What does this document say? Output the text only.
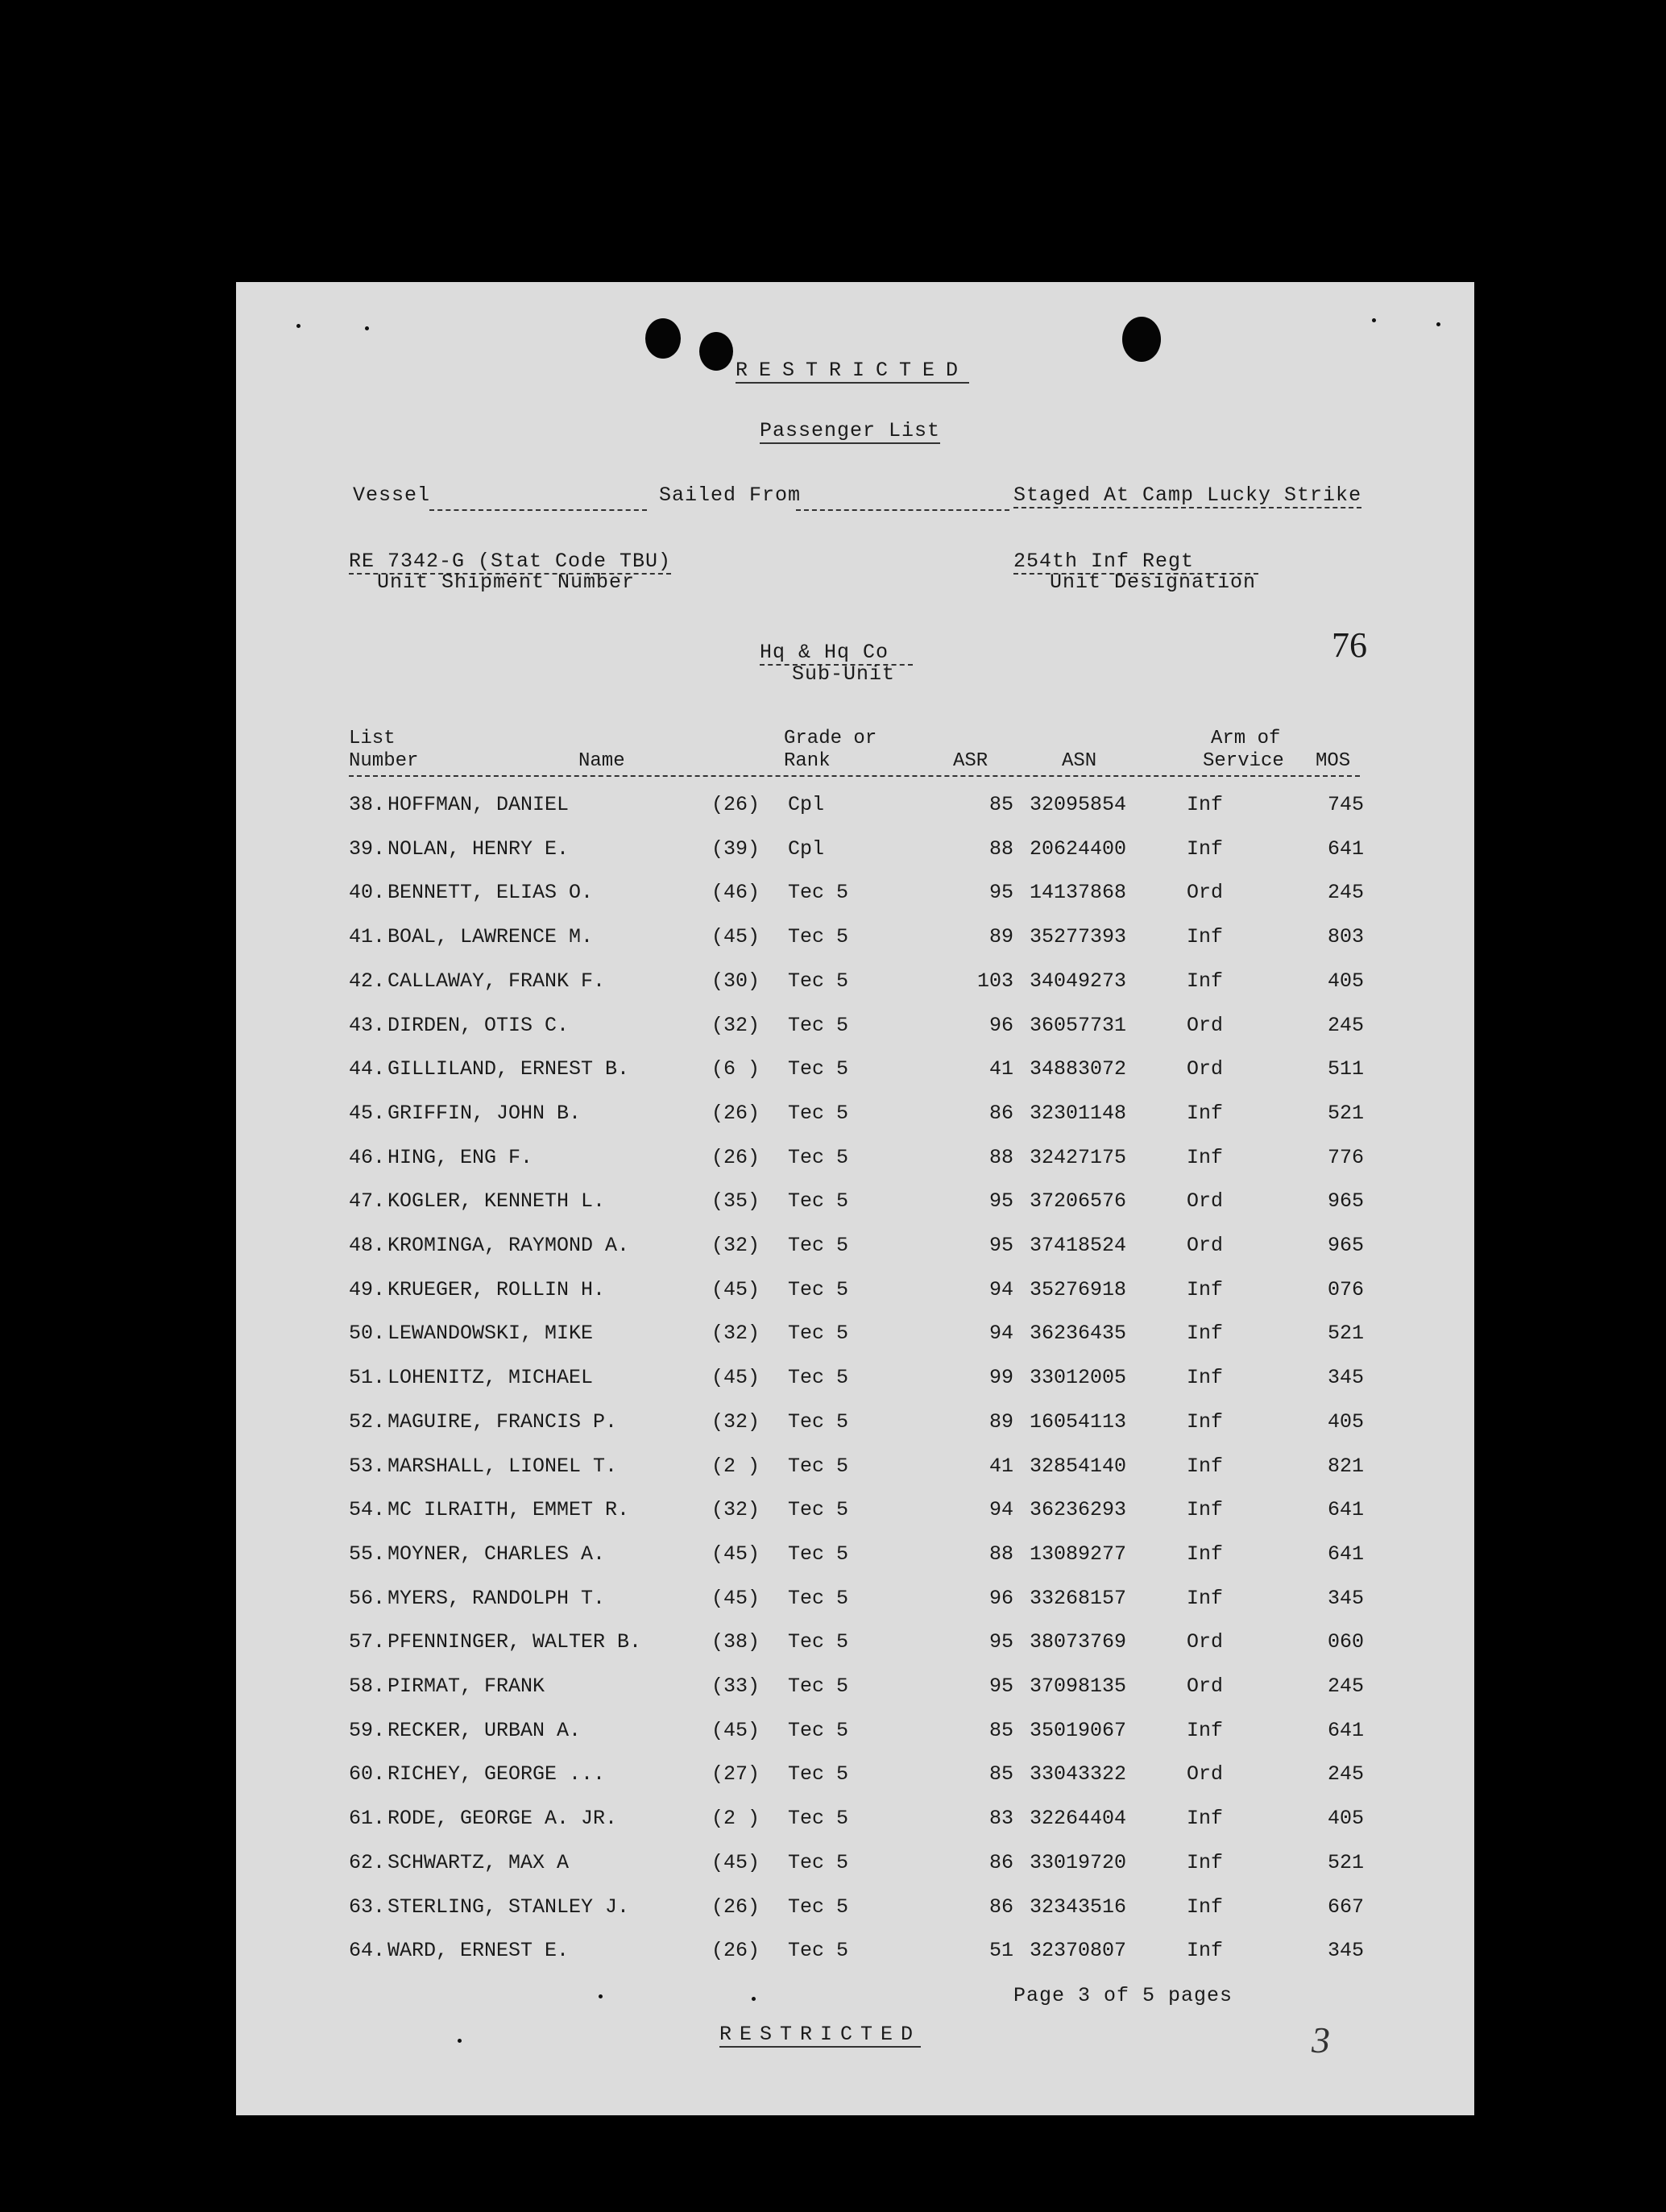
RESTRICTED
Passenger List
Vessel	Sailed From	Staged At Camp Lucky Strike
RE 7342-G (Stat Code TBU)
Unit Shipment Number
254th Inf Regt
Unit Designation
76
Hq & Hq Co
Sub-Unit
List
Number	Name
Grade or
Rank	ASR	ASN
Arm of
Service MOS
38. HOFFMAN, DANIEL	(26) Cpl	85 32095854	Inf	745
39. NOLAN, HENRY E.	(39) Cpl	88 20624400	Inf	641
40. BENNETT, ELIAS O.	(46) Tec 5	95 14137868	Ord	245
41. BOAL, LAWRENCE M.	(45) Tec 5	89 35277393	Inf	803
42. CALLAWAY, FRANK F.	(30) Tec 5	103 34049273	Inf	405
43. DIRDEN, OTIS C.	(32) Tec 5	96 36057731	Ord	245
44. GILLILAND, ERNEST B.	(6 ) Tec 5	41 34883072	Ord	511
45. GRIFFIN, JOHN B.	(26) Tec 5	86 32301148	Inf	521
46. HING, ENG F.	(26) Tec 5	88 32427175	Inf	776
47. KOGLER, KENNETH L.	(35) Tec 5	95 37206576	Ord	965
48. KROMINGA, RAYMOND A.	(32) Tec 5	95 37418524	Ord	965
49. KRUEGER, ROLLIN H.	(45) Tec 5	94 35276918	Inf	076
50. LEWANDOWSKI, MIKE	(32) Tec 5	94 36236435	Inf	521
51. LOHENITZ, MICHAEL	(45) Tec 5	99 33012005	Inf	345
52. MAGUIRE, FRANCIS P.	(32) Tec 5	89 16054113	Inf	405
53. MARSHALL, LIONEL T.	(2 ) Tec 5	41 32854140	Inf	821
54. MC ILRAITH, EMMET R.	(32) Tec 5	94 36236293	Inf	641
55. MOYNER, CHARLES A.	(45) Tec 5	88 13089277	Inf	641
56. MYERS, RANDOLPH T.	(45) Tec 5	96 33268157	Inf	345
57. PFENNINGER, WALTER B.	(38) Tec 5	95 38073769	Ord	060
58. PIRMAT, FRANK	(33) Tec 5	95 37098135	Ord	245
59. RECKER, URBAN A.	(45) Tec 5	85 35019067	Inf	641
60. RICHEY, GEORGE ...	(27) Tec 5	85 33043322	Ord	245
61. RODE, GEORGE A. JR.	(2 ) Tec 5	83 32264404	Inf	405
62. SCHWARTZ, MAX A	(45) Tec 5	86 33019720	Inf	521
63. STERLING, STANLEY J.	(26) Tec 5	86 32343516	Inf	667
64. WARD, ERNEST E.	(26) Tec 5	51 32370807	Inf	345
Page 3 of 5 pages
RESTRICTED	3
